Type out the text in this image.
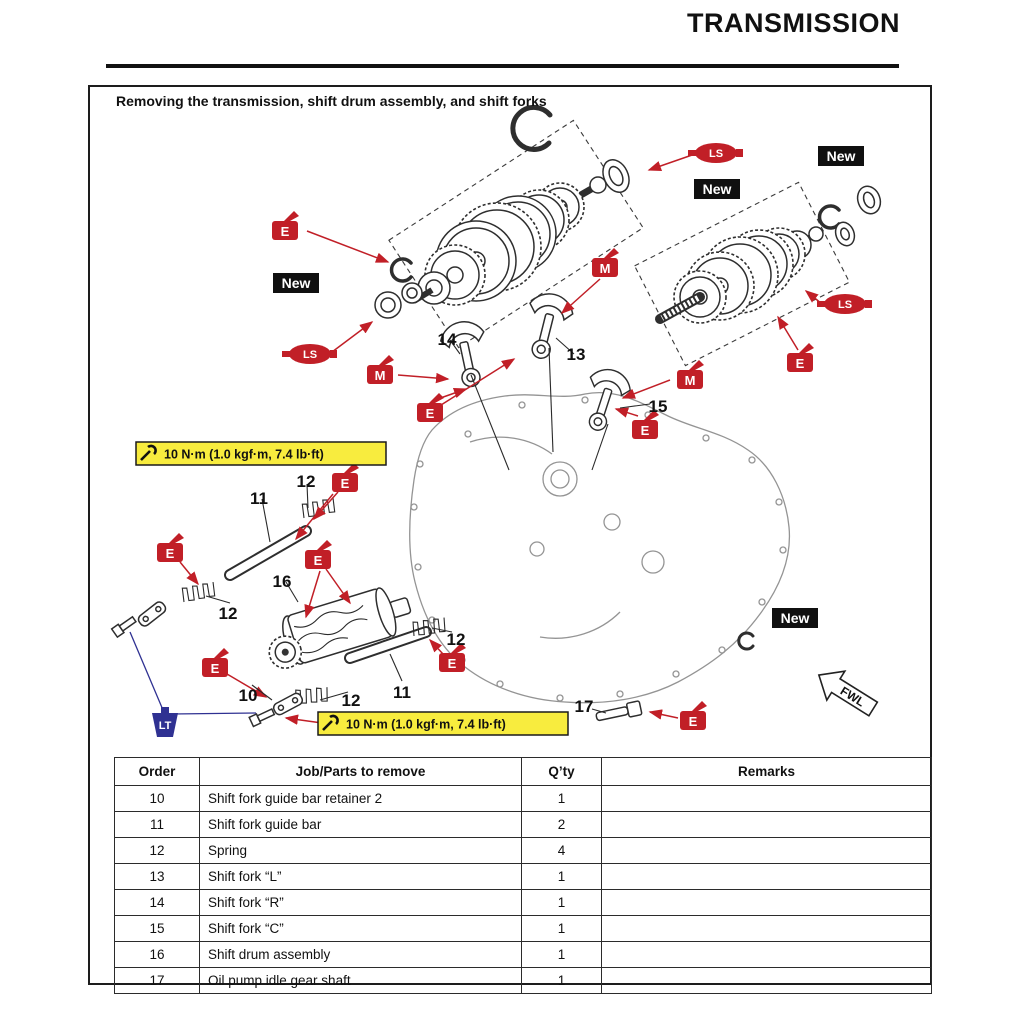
TRANSMISSION
E
E
E
E
E
E	E
E	E
E
M
M
M
LS
LS
LS
LT
New
New
New
New
10 N·m (1.0 kgf·m, 7.4 lb·ft)
10 N·m (1.0 kgf·m, 7.4 lb·ft)
FWL
14
13
15
11
12
16
12
12
11
10	12	17
Removing the transmission, shift drum assembly, and shift forks
Order	Job/Parts to remove	Q’ty	Remarks
10	Shift fork guide bar retainer 2	1	
11	Shift fork guide bar	2	
12	Spring	4	
13	Shift fork “L”	1	
14	Shift fork “R”	1	
15	Shift fork “C”	1	
16	Shift drum assembly	1	
17	Oil pump idle gear shaft	1	
